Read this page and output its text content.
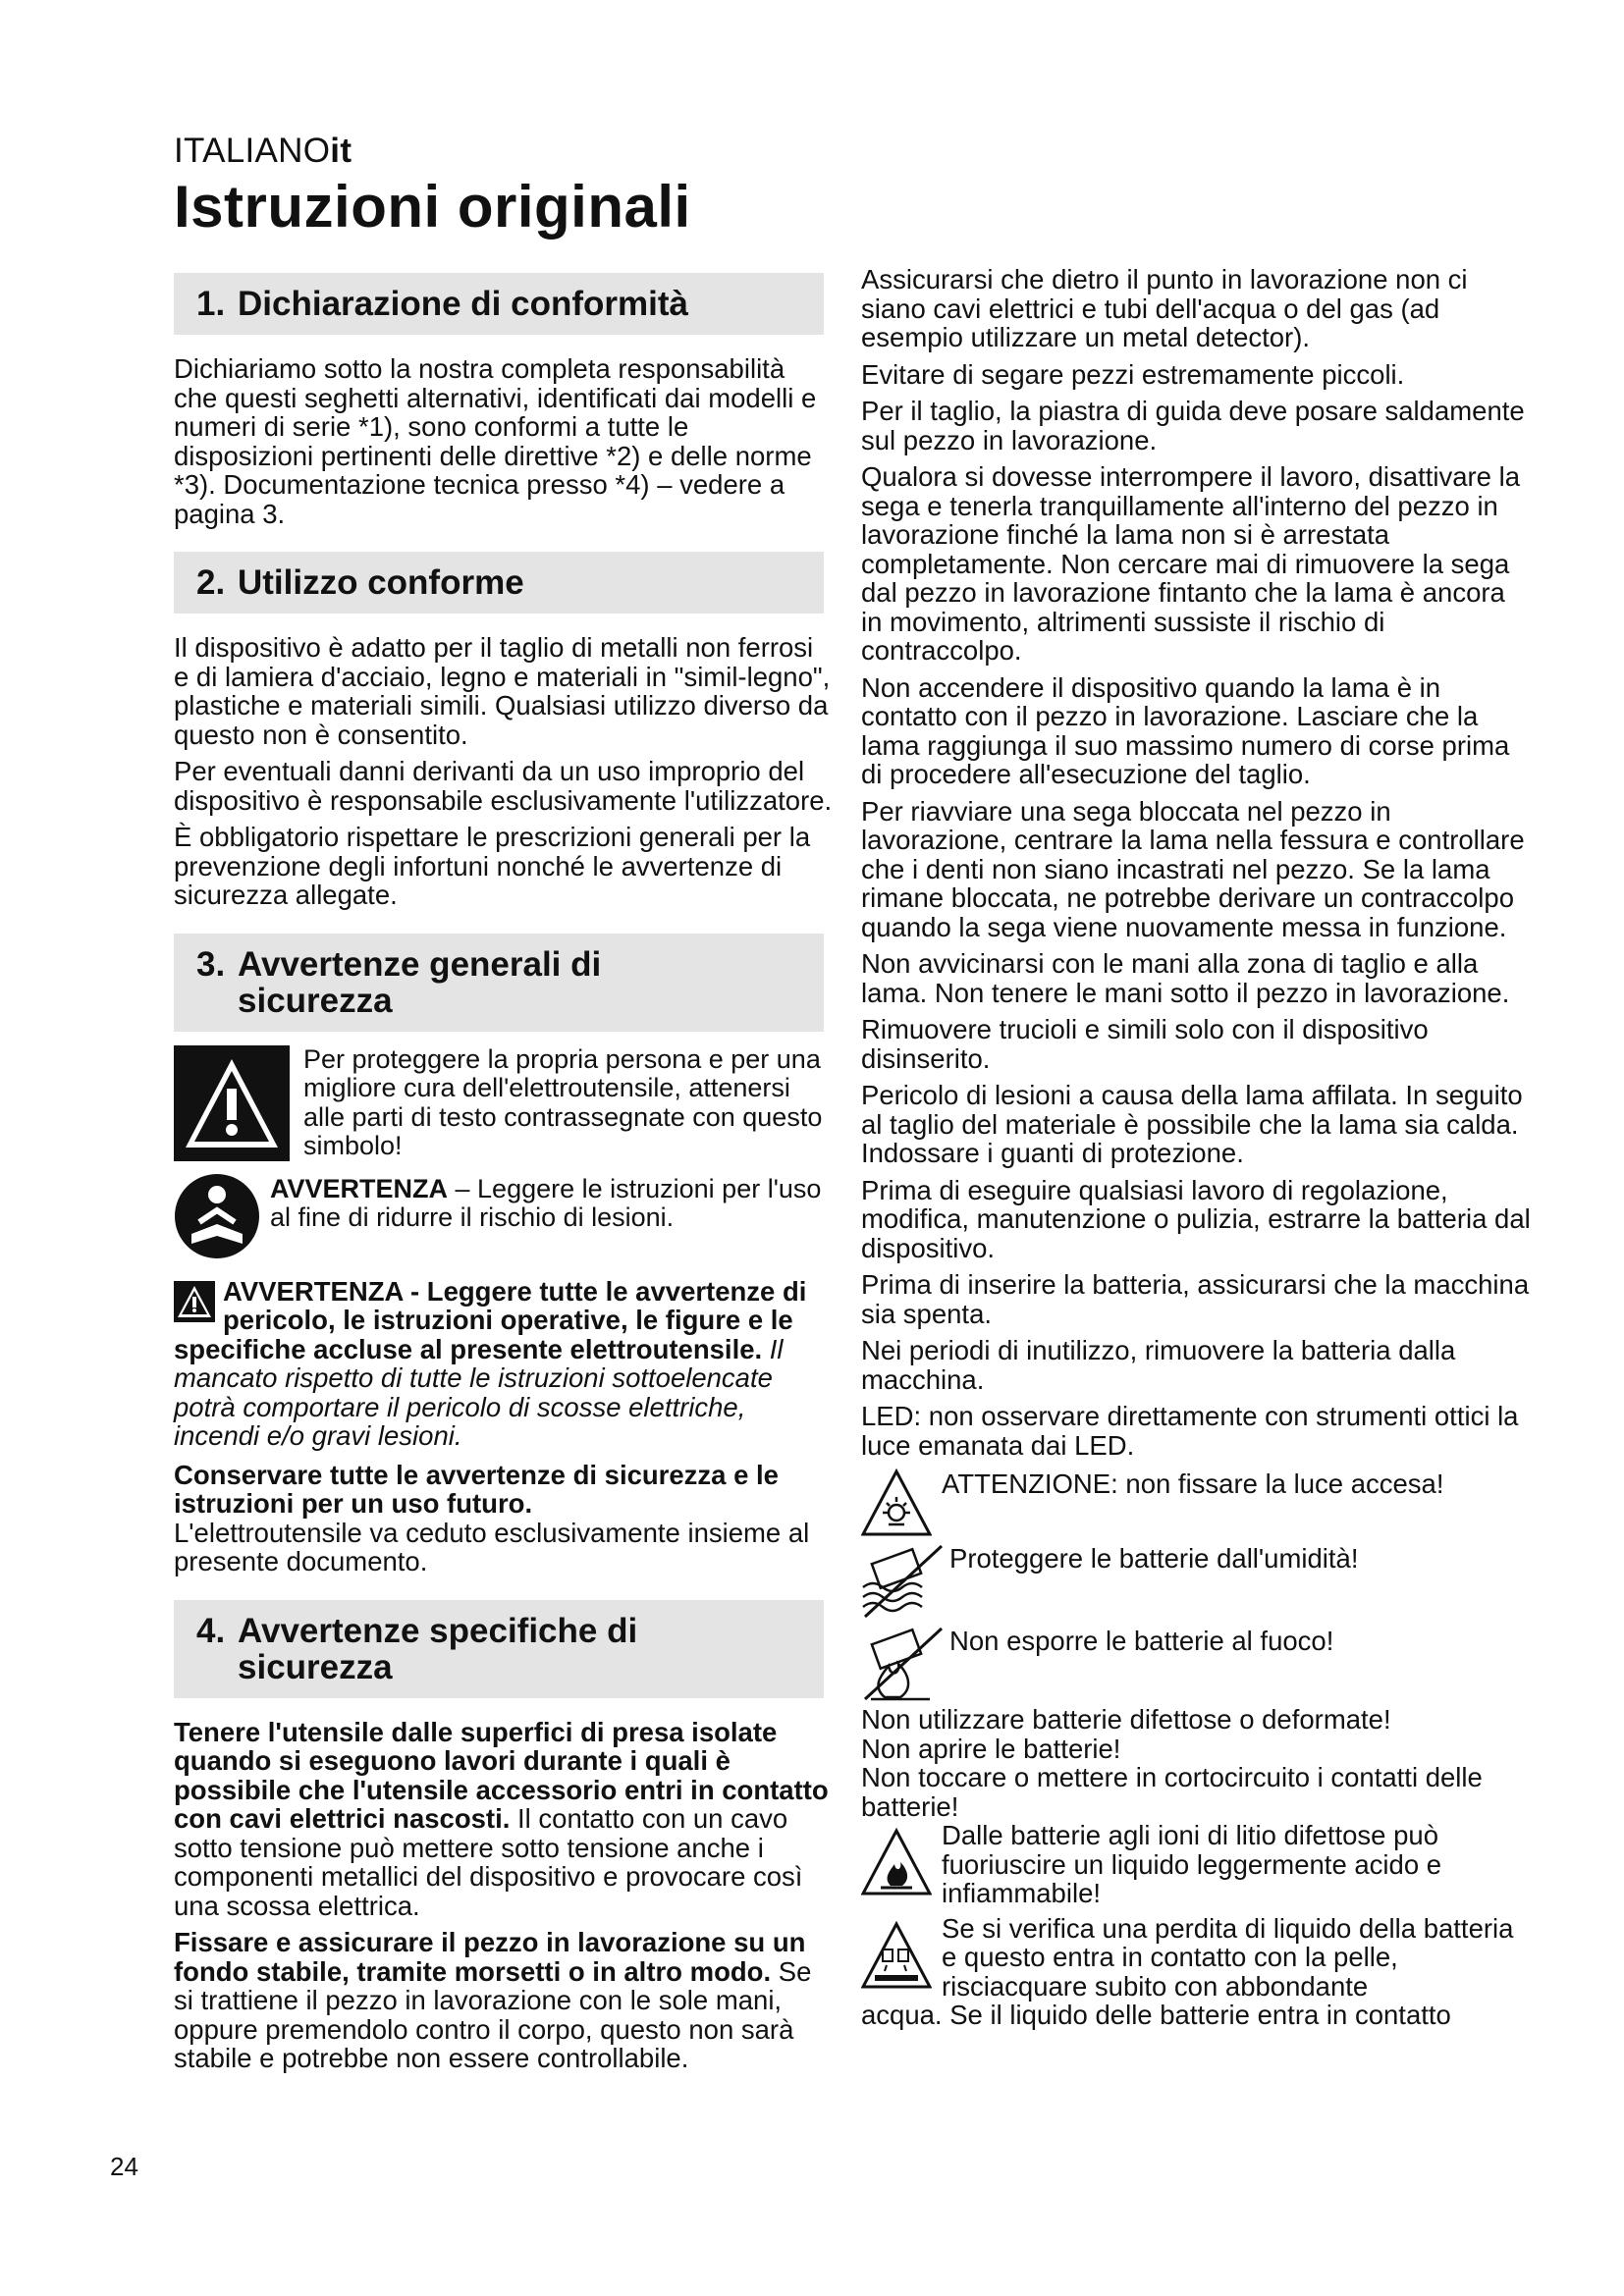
ITALIANOit
Istruzioni originali
1. Dichiarazione di conformità

Dichiariamo sotto la nostra completa responsabilità che questi seghetti alternativi, identificati dai modelli e numeri di serie *1), sono conformi a tutte le disposizioni pertinenti delle direttive *2) e delle norme *3). Documentazione tecnica presso *4) – vedere a pagina 3.

2. Utilizzo conforme

Il dispositivo è adatto per il taglio di metalli non ferrosi e di lamiera d'acciaio, legno e materiali in "simil-legno", plastiche e materiali simili. Qualsiasi utilizzo diverso da questo non è consentito.

Per eventuali danni derivanti da un uso improprio del dispositivo è responsabile esclusivamente l'utilizzatore.

È obbligatorio rispettare le prescrizioni generali per la prevenzione degli infortuni nonché le avvertenze di sicurezza allegate.

3. Avvertenze generali di
sicurezza
Per proteggere la propria persona e per una migliore cura dell'elettroutensile, attenersi alle parti di testo contrassegnate con questo simbolo!
AVVERTENZA – Leggere le istruzioni per l'uso al fine di ridurre il rischio di lesioni.

AVVERTENZA - Leggere tutte le avvertenze di pericolo, le istruzioni operative, le figure e le specifiche accluse al presente elettroutensile. Il mancato rispetto di tutte le istruzioni sottoelencate potrà comportare il pericolo di scosse elettriche, incendi e/o gravi lesioni.

Conservare tutte le avvertenze di sicurezza e le istruzioni per un uso futuro.

L'elettroutensile va ceduto esclusivamente insieme al presente documento.

4. Avvertenze specifiche di
sicurezza

Tenere l'utensile dalle superfici di presa isolate quando si eseguono lavori durante i quali è possibile che l'utensile accessorio entri in contatto con cavi elettrici nascosti. Il contatto con un cavo sotto tensione può mettere sotto tensione anche i componenti metallici del dispositivo e provocare così una scossa elettrica.

Fissare e assicurare il pezzo in lavorazione su un fondo stabile, tramite morsetti o in altro modo. Se si trattiene il pezzo in lavorazione con le sole mani, oppure premendolo contro il corpo, questo non sarà stabile e potrebbe non essere controllabile.

Assicurarsi che dietro il punto in lavorazione non ci siano cavi elettrici e tubi dell'acqua o del gas (ad esempio utilizzare un metal detector).

Evitare di segare pezzi estremamente piccoli.

Per il taglio, la piastra di guida deve posare saldamente sul pezzo in lavorazione.

Qualora si dovesse interrompere il lavoro, disattivare la sega e tenerla tranquillamente all'interno del pezzo in lavorazione finché la lama non si è arrestata completamente. Non cercare mai di rimuovere la sega dal pezzo in lavorazione fintanto che la lama è ancora in movimento, altrimenti sussiste il rischio di contraccolpo.

Non accendere il dispositivo quando la lama è in contatto con il pezzo in lavorazione. Lasciare che la lama raggiunga il suo massimo numero di corse prima di procedere all'esecuzione del taglio.

Per riavviare una sega bloccata nel pezzo in lavorazione, centrare la lama nella fessura e controllare che i denti non siano incastrati nel pezzo. Se la lama rimane bloccata, ne potrebbe derivare un contraccolpo quando la sega viene nuovamente messa in funzione.

Non avvicinarsi con le mani alla zona di taglio e alla lama. Non tenere le mani sotto il pezzo in lavorazione.

Rimuovere trucioli e simili solo con il dispositivo disinserito.

Pericolo di lesioni a causa della lama affilata. In seguito al taglio del materiale è possibile che la lama sia calda. Indossare i guanti di protezione.

Prima di eseguire qualsiasi lavoro di regolazione, modifica, manutenzione o pulizia, estrarre la batteria dal dispositivo.

Prima di inserire la batteria, assicurarsi che la macchina sia spenta.

Nei periodi di inutilizzo, rimuovere la batteria dalla macchina.

LED: non osservare direttamente con strumenti ottici la luce emanata dai LED.

ATTENZIONE: non fissare la luce accesa!
Proteggere le batterie dall'umidità!
Non esporre le batterie al fuoco!

Non utilizzare batterie difettose o deformate!

Non aprire le batterie!

Non toccare o mettere in cortocircuito i contatti delle batterie!

Dalle batterie agli ioni di litio difettose può fuoriuscire un liquido leggermente acido e infiammabile!
Se si verifica una perdita di liquido della batteria e questo entra in contatto con la pelle, risciacquare subito con abbondante

acqua. Se il liquido delle batterie entra in contatto

24
